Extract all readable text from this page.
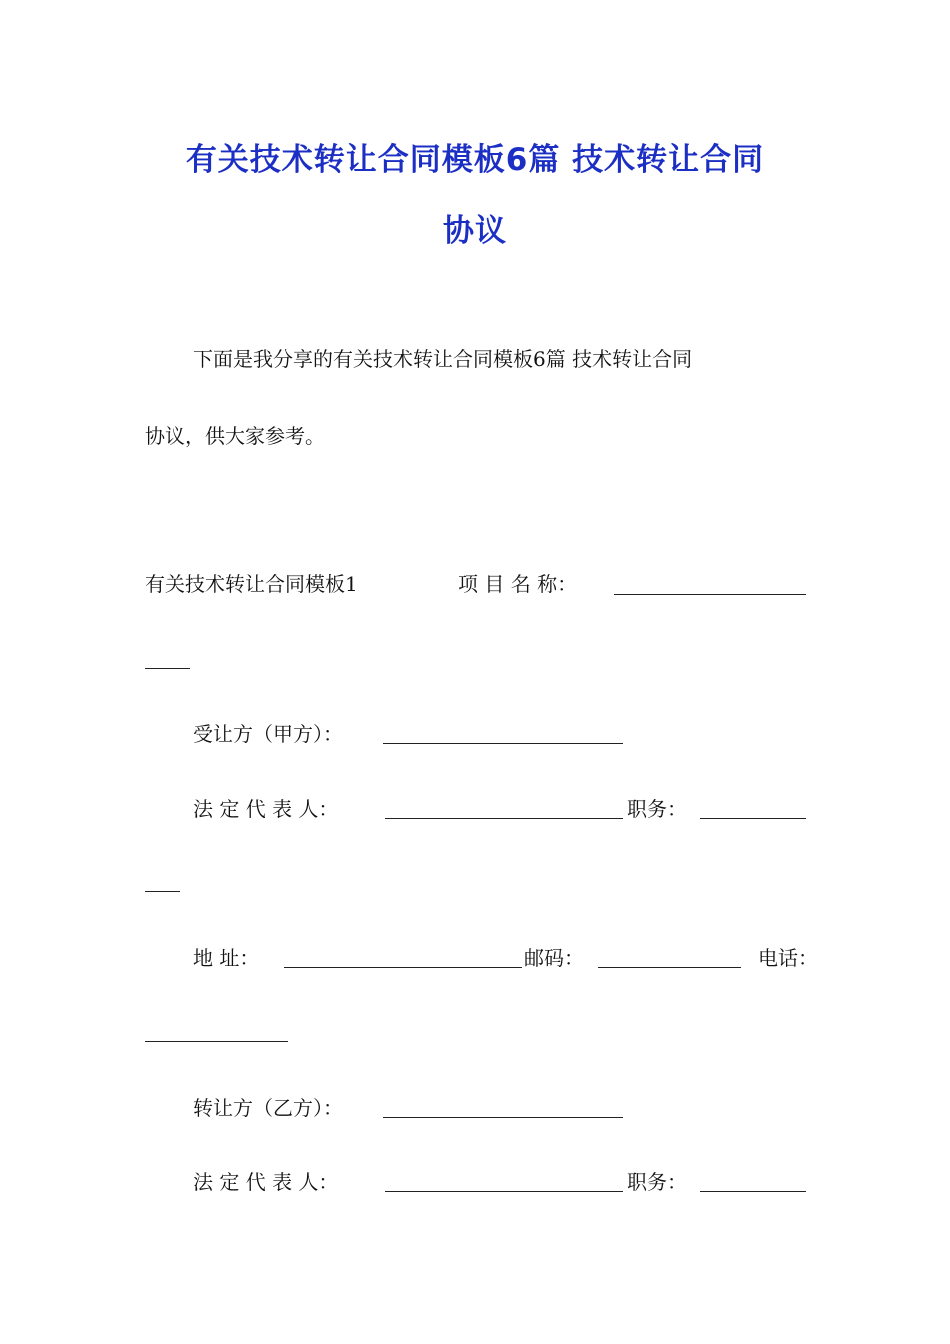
有关技术转让合同模板6篇 技术转让合同
协议
下面是我分享的有关技术转让合同模板6篇 技术转让合同
协议，供大家参考。
有关技术转让合同模板1	项 目 名 称：
受让方（甲方）：
法 定 代 表 人：	职务：
地 址：	邮码：	电话：
转让方（乙方）：
法 定 代 表 人：	职务：
